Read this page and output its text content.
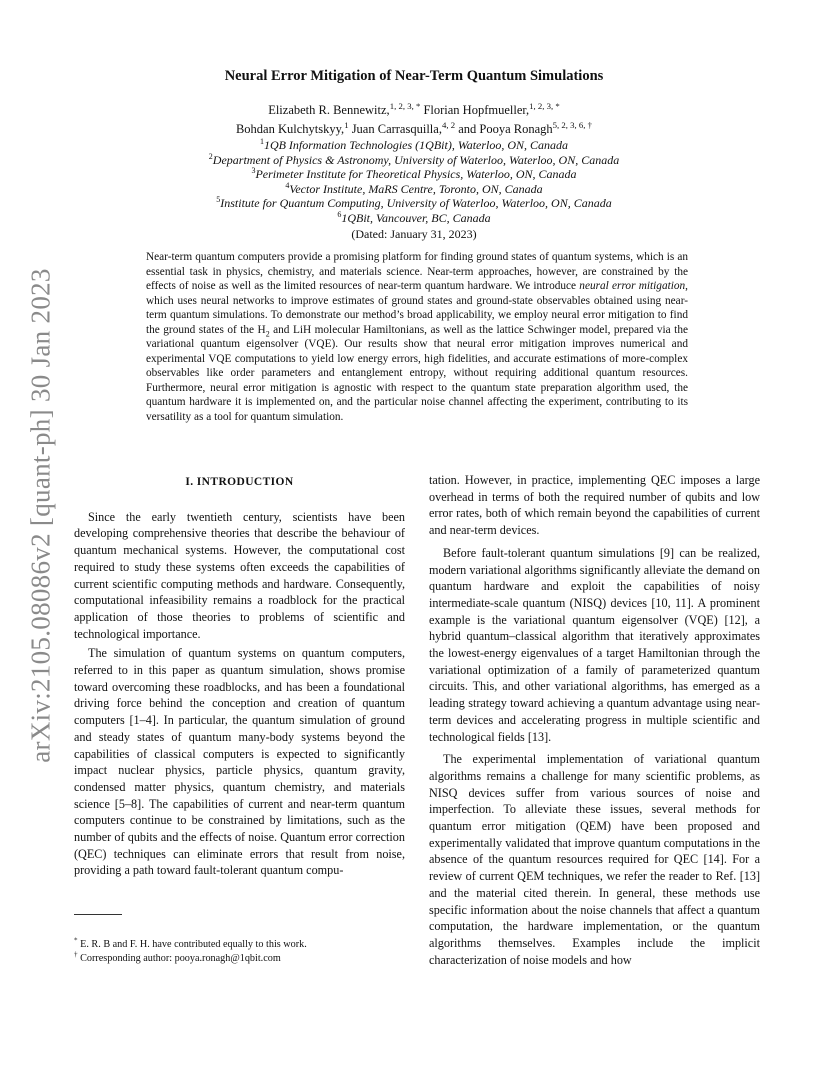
arXiv:2105.08086v2 [quant-ph] 30 Jan 2023
Neural Error Mitigation of Near-Term Quantum Simulations
Elizabeth R. Bennewitz,$^{1, 2, 3, *}$ Florian Hopfmueller,$^{1, 2, 3, *}$
Bohdan Kulchytskyy,$^1$ Juan Carrasquilla,$^{4, 2}$ and Pooya Ronagh$^{5, 2, 3, 6, \dagger}$
$^1$1QB Information Technologies (1QBit), Waterloo, ON, Canada
$^2$Department of Physics & Astronomy, University of Waterloo, Waterloo, ON, Canada
$^3$Perimeter Institute for Theoretical Physics, Waterloo, ON, Canada
$^4$Vector Institute, MaRS Centre, Toronto, ON, Canada
$^5$Institute for Quantum Computing, University of Waterloo, Waterloo, ON, Canada
$^6$1QBit, Vancouver, BC, Canada
(Dated: January 31, 2023)
Near-term quantum computers provide a promising platform for finding ground states of quantum systems, which is an essential task in physics, chemistry, and materials science. Near-term approaches, however, are constrained by the effects of noise as well as the limited resources of near-term quantum hardware. We introduce neural error mitigation, which uses neural networks to improve estimates of ground states and ground-state observables obtained using near-term quantum simulations. To demonstrate our method’s broad applicability, we employ neural error mitigation to find the ground states of the $H_2$ and LiH molecular Hamiltonians, as well as the lattice Schwinger model, prepared via the variational quantum eigensolver (VQE). Our results show that neural error mitigation improves numerical and experimental VQE computations to yield low energy errors, high fidelities, and accurate estimations of more-complex observables like order parameters and entanglement entropy, without requiring additional quantum resources. Furthermore, neural error mitigation is agnostic with respect to the quantum state preparation algorithm used, the quantum hardware it is implemented on, and the particular noise channel affecting the experiment, contributing to its versatility as a tool for quantum simulation.
I. INTRODUCTION

Since the early twentieth century, scientists have been developing comprehensive theories that describe the behaviour of quantum mechanical systems. However, the computational cost required to study these systems often exceeds the capabilities of current scientific computing methods and hardware. Consequently, computational infeasibility remains a roadblock for the practical application of those theories to problems of scientific and technological importance.

The simulation of quantum systems on quantum computers, referred to in this paper as quantum simulation, shows promise toward overcoming these roadblocks, and has been a foundational driving force behind the conception and creation of quantum computers [1–4]. In particular, the quantum simulation of ground and steady states of quantum many-body systems beyond the capabilities of classical computers is expected to significantly impact nuclear physics, particle physics, quantum gravity, condensed matter physics, quantum chemistry, and materials science [5–8]. The capabilities of current and near-term quantum computers continue to be constrained by limitations, such as the number of qubits and the effects of noise. Quantum error correction (QEC) techniques can eliminate errors that result from noise, providing a path toward fault-tolerant quantum compu-

tation. However, in practice, implementing QEC imposes a large overhead in terms of both the required number of qubits and low error rates, both of which remain beyond the capabilities of current and near-term devices.

Before fault-tolerant quantum simulations [9] can be realized, modern variational algorithms significantly alleviate the demand on quantum hardware and exploit the capabilities of noisy intermediate-scale quantum (NISQ) devices [10, 11]. A prominent example is the variational quantum eigensolver (VQE) [12], a hybrid quantum–classical algorithm that iteratively approximates the lowest-energy eigenvalues of a target Hamiltonian through the variational optimization of a family of parameterized quantum circuits. This, and other variational algorithms, has emerged as a leading strategy toward achieving a quantum advantage using near-term devices and accelerating progress in multiple scientific and technological fields [13].

The experimental implementation of variational quantum algorithms remains a challenge for many scientific problems, as NISQ devices suffer from various sources of noise and imperfection. To alleviate these issues, several methods for quantum error mitigation (QEM) have been proposed and experimentally validated that improve quantum computations in the absence of the quantum resources required for QEC [14]. For a review of current QEM techniques, we refer the reader to Ref. [13] and the material cited therein. In general, these methods use specific information about the noise channels that affect a quantum computation, the hardware implementation, or the quantum algorithms themselves. Examples include the implicit characterization of noise models and how

* E. R. B and F. H. have contributed equally to this work.
† Corresponding author: pooya.ronagh@1qbit.com
